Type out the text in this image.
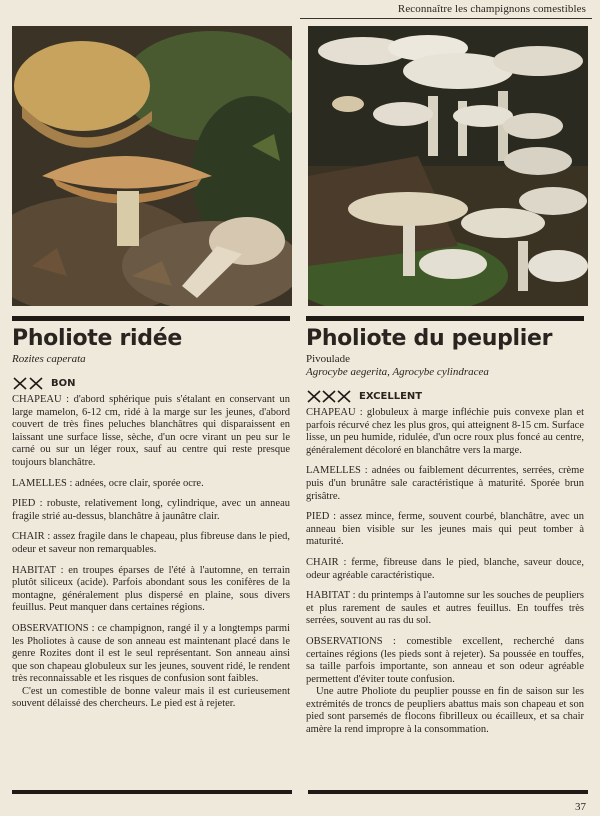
Reconnaître les champignons comestibles
Pholiote ridée

Rozites caperata

BON

CHAPEAU : d'abord sphérique puis s'étalant en conservant un large mamelon, 6-12 cm, ridé à la marge sur les jeunes, d'abord couvert de très fines peluches blanchâtres qui disparaissent en laissant une surface lisse, sèche, d'un ocre virant un peu sur le carné ou sur un léger roux, sauf au centre qui reste presque toujours blanchâtre.

LAMELLES : adnées, ocre clair, sporée ocre.

PIED : robuste, relativement long, cylindrique, avec un anneau fragile strié au-dessus, blanchâtre à jaunâtre clair.

CHAIR : assez fragile dans le chapeau, plus fibreuse dans le pied, odeur et saveur non remarquables.

HABITAT : en troupes éparses de l'été à l'automne, en terrain plutôt siliceux (acide). Parfois abondant sous les conifères de la montagne, généralement plus dispersé en plaine, sous divers feuillus. Peut manquer dans certaines régions.

OBSERVATIONS : ce champignon, rangé il y a longtemps parmi les Pholiotes à cause de son anneau est maintenant placé dans le genre Rozites dont il est le seul représentant. Son anneau ainsi que son chapeau globuleux sur les jeunes, souvent ridé, le rendent très reconnaissable et les risques de confusion sont faibles.

C'est un comestible de bonne valeur mais il est curieusement souvent délaissé des chercheurs. Le pied est à rejeter.

Pholiote du peuplier

Pivoulade

Agrocybe aegerita, Agrocybe cylindracea

EXCELLENT

CHAPEAU : globuleux à marge infléchie puis convexe plan et parfois récurvé chez les plus gros, qui atteignent 8-15 cm. Surface lisse, un peu humide, ridulée, d'un ocre roux plus foncé au centre, généralement décoloré en blanchâtre vers la marge.

LAMELLES : adnées ou faiblement décurrentes, serrées, crème puis d'un brunâtre sale caractéristique à maturité. Sporée brun grisâtre.

PIED : assez mince, ferme, souvent courbé, blanchâtre, avec un anneau bien visible sur les jeunes mais qui peut tomber à maturité.

CHAIR : ferme, fibreuse dans le pied, blanche, saveur douce, odeur agréable caractéristique.

HABITAT : du printemps à l'automne sur les souches de peupliers et plus rarement de saules et autres feuillus. En touffes très serrées, souvent au ras du sol.

OBSERVATIONS : comestible excellent, recherché dans certaines régions (les pieds sont à rejeter). Sa poussée en touffes, sa taille parfois importante, son anneau et son odeur agréable permettent d'éviter toute confusion.

Une autre Pholiote du peuplier pousse en fin de saison sur les extrémités de troncs de peupliers abattus mais son chapeau et son pied sont parsemés de flocons fibrilleux ou écailleux, et sa chair amère la rend impropre à la consommation.

37
